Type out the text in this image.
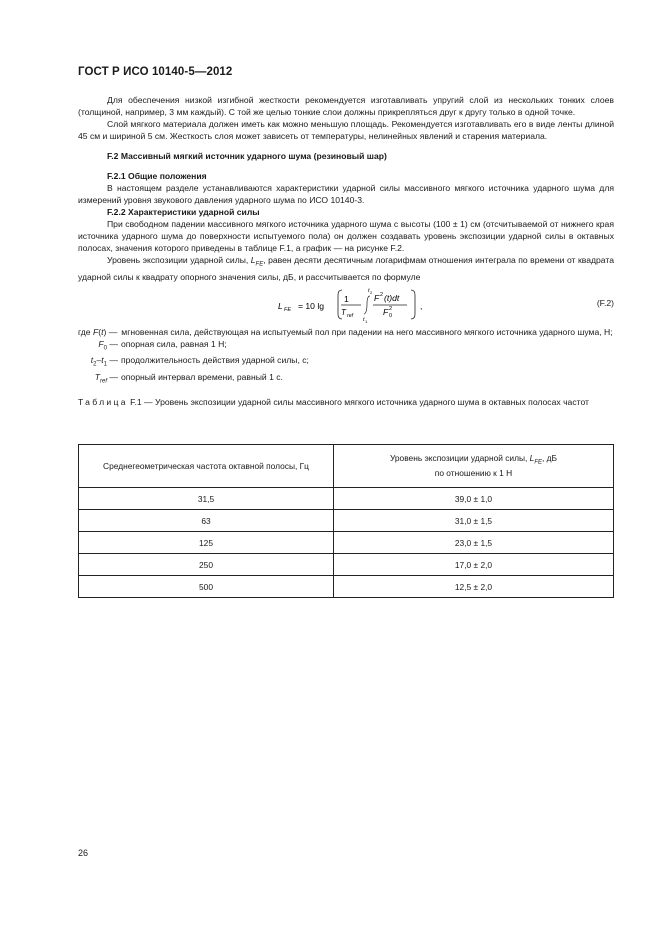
ГОСТ Р ИСО 10140-5—2012

Для обеспечения низкой изгибной жесткости рекомендуется изготавливать упругий слой из нескольких тонких слоев (толщиной, например, 3 мм каждый). С той же целью тонкие слои должны прикрепляться друг к другу только в одной точке.

Слой мягкого материала должен иметь как можно меньшую площадь. Рекомендуется изготавливать его в виде ленты длиной 45 см и шириной 5 см. Жесткость слоя может зависеть от температуры, нелинейных явлений и старения материала.

F.2 Массивный мягкий источник ударного шума (резиновый шар)

F.2.1 Общие положения

В настоящем разделе устанавливаются характеристики ударной силы массивного мягкого источника ударного шума для измерений уровня звукового давления ударного шума по ИСО 10140-3.

F.2.2 Характеристики ударной силы

При свободном падении массивного мягкого источника ударного шума с высоты (100 ± 1) см (отсчитываемой от нижнего края источника ударного шума до поверхности испытуемого пола) он должен создавать уровень экспозиции ударной силы в октавных полосах, значения которого приведены в таблице F.1, а график — на рисунке F.2.

Уровень экспозиции ударной силы, $L_{FE}$, равен десяти десятичным логарифмам отношения интеграла по времени от квадрата ударной силы к квадрату опорного значения силы, дБ, и рассчитывается по формуле

L FE = 10 lg
1
T ref
t 2
t 1
F 2 (t)dt
F 0
2	,	(F.2)
где F(t) — мгновенная сила, действующая на испытуемый пол при падении на него массивного мягкого источника ударного шума, Н;
$F_0$ — опорная сила, равная 1 Н;
$t_2-t_1$ — продолжительность действия ударной силы, с;
$T_{ref}$ — опорный интервал времени, равный 1 с.

Таблица F.1 — Уровень экспозиции ударной силы массивного мягкого источника ударного шума в октавных полосах частот

Среднегеометрическая частота октавной полосы, Гц	Уровень экспозиции ударной силы, $L_{FE}$, дБ
по отношению к 1 Н
31,5	39,0 ± 1,0
63	31,0 ± 1,5
125	23,0 ± 1,5
250	17,0 ± 2,0
500	12,5 ± 2,0
26
